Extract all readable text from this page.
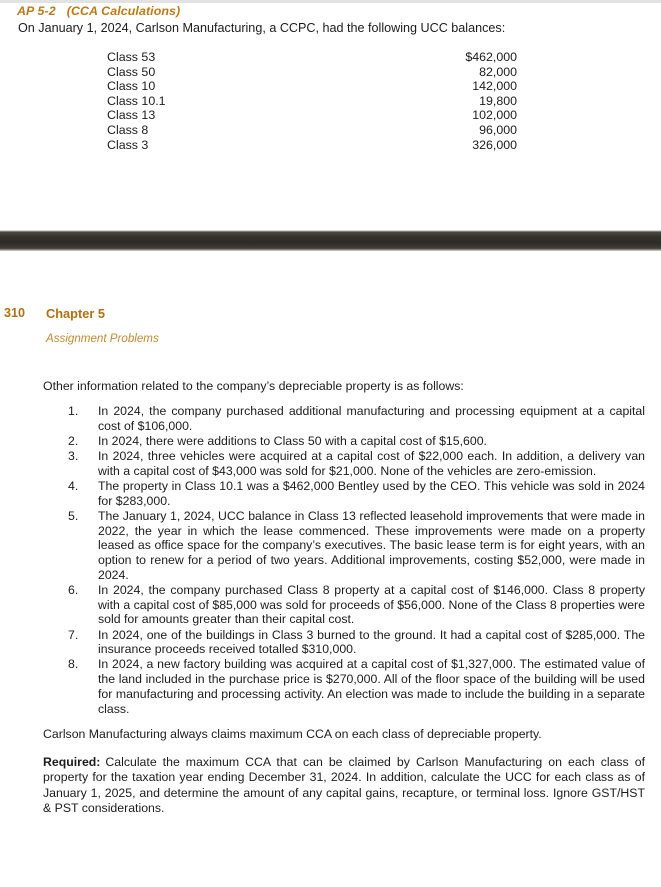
AP 5-2 (CCA Calculations)
On January 1, 2024, Carlson Manufacturing, a CCPC, had the following UCC balances:
Class 53	$462,000
Class 50	82,000
Class 10	142,000
Class 10.1	19,800
Class 13	102,000
Class 8	96,000
Class 3	326,000
310 Chapter 5
Assignment Problems

Other information related to the company’s depreciable property is as follows:

1.	In 2024, the company purchased additional manufacturing and processing equipment at a capital cost of $106,000.
2.	In 2024, there were additions to Class 50 with a capital cost of $15,600.
3.	In 2024, three vehicles were acquired at a capital cost of $22,000 each. In addition, a delivery van with a capital cost of $43,000 was sold for $21,000. None of the vehicles are zero-emission.
4.	The property in Class 10.1 was a $462,000 Bentley used by the CEO. This vehicle was sold in 2024 for $283,000.
5.	The January 1, 2024, UCC balance in Class 13 reflected leasehold improvements that were made in 2022, the year in which the lease commenced. These improvements were made on a property leased as office space for the company’s executives. The basic lease term is for eight years, with an option to renew for a period of two years. Additional improvements, costing $52,000, were made in 2024.
6.	In 2024, the company purchased Class 8 property at a capital cost of $146,000. Class 8 property with a capital cost of $85,000 was sold for proceeds of $56,000. None of the Class 8 properties were sold for amounts greater than their capital cost.
7.	In 2024, one of the buildings in Class 3 burned to the ground. It had a capital cost of $285,000. The insurance proceeds received totalled $310,000.
8.	In 2024, a new factory building was acquired at a capital cost of $1,327,000. The estimated value of the land included in the purchase price is $270,000. All of the floor space of the building will be used for manufacturing and processing activity. An election was made to include the building in a separate class.

Carlson Manufacturing always claims maximum CCA on each class of depreciable property.

Required: Calculate the maximum CCA that can be claimed by Carlson Manufacturing on each class of property for the taxation year ending December 31, 2024. In addition, calculate the UCC for each class as of January 1, 2025, and determine the amount of any capital gains, recapture, or terminal loss. Ignore GST/HST & PST considerations.
